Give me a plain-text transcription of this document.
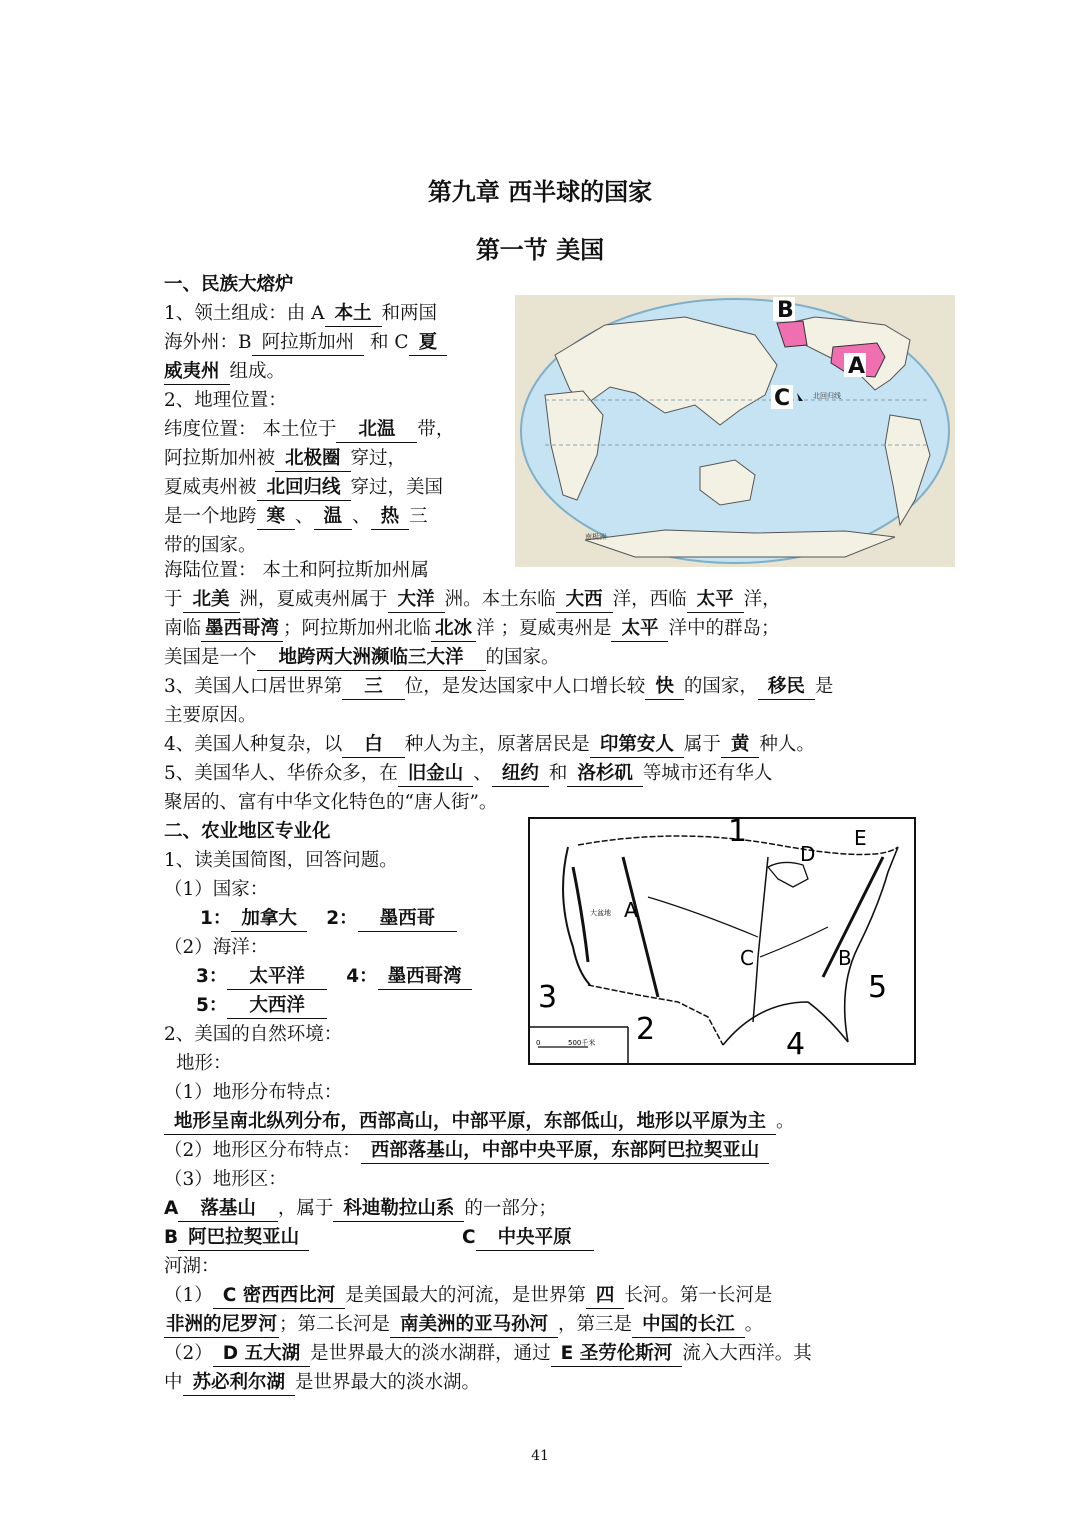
第九章 西半球的国家
第一节 美国
北回归线
南极洲
B
A
C
1
2
3
4
5
A
B
C
D
E
大盆地
0	500千米
一、民族大熔炉
1、领土组成：由 A 本土 和两国
海外州：B 阿拉斯加州 和 C 夏
威夷州 组成。
2、地理位置：
纬度位置： 本土位于 北温 带，
阿拉斯加州被 北极圈 穿过，
夏威夷州被 北回归线 穿过，美国
是一个地跨 寒 、 温 、 热 三
带的国家。
海陆位置： 本土和阿拉斯加州属
于 北美 洲，夏威夷州属于 大洋 洲。本土东临 大西 洋，西临 太平 洋，
南临 墨西哥湾 ；阿拉斯加州北临 北冰 洋 ；夏威夷州是 太平 洋中的群岛；
美国是一个 地跨两大洲濒临三大洋 的国家。
3、美国人口居世界第 三 位，是发达国家中人口增长较 快 的国家， 移民 是
主要原因。
4、美国人种复杂，以 白 种人为主，原著居民是 印第安人 属于 黄 种人。
5、美国华人、华侨众多，在 旧金山 、 纽约 和 洛杉矶 等城市还有华人
聚居的、富有中华文化特色的“唐人街”。
二、农业地区专业化
1、读美国简图，回答问题。
（1）国家：
1： 加拿大 2： 墨西哥
（2）海洋：
3： 太平洋 4： 墨西哥湾
5： 大西洋
2、美国的自然环境：
地形：
（1）地形分布特点：
地形呈南北纵列分布，西部高山，中部平原，东部低山，地形以平原为主 。
（2）地形区分布特点： 西部落基山，中部中央平原，东部阿巴拉契亚山
（3）地形区：
A 落基山 ，属于 科迪勒拉山系 的一部分；
B 阿巴拉契亚山	C 中央平原
河湖：
（1） C 密西西比河 是美国最大的河流，是世界第 四 长河。第一长河是
非洲的尼罗河 ；第二长河是 南美洲的亚马孙河 ，第三是 中国的长江 。
（2） D 五大湖 是世界最大的淡水湖群，通过 E 圣劳伦斯河 流入大西洋。其
中 苏必利尔湖 是世界最大的淡水湖。
41
